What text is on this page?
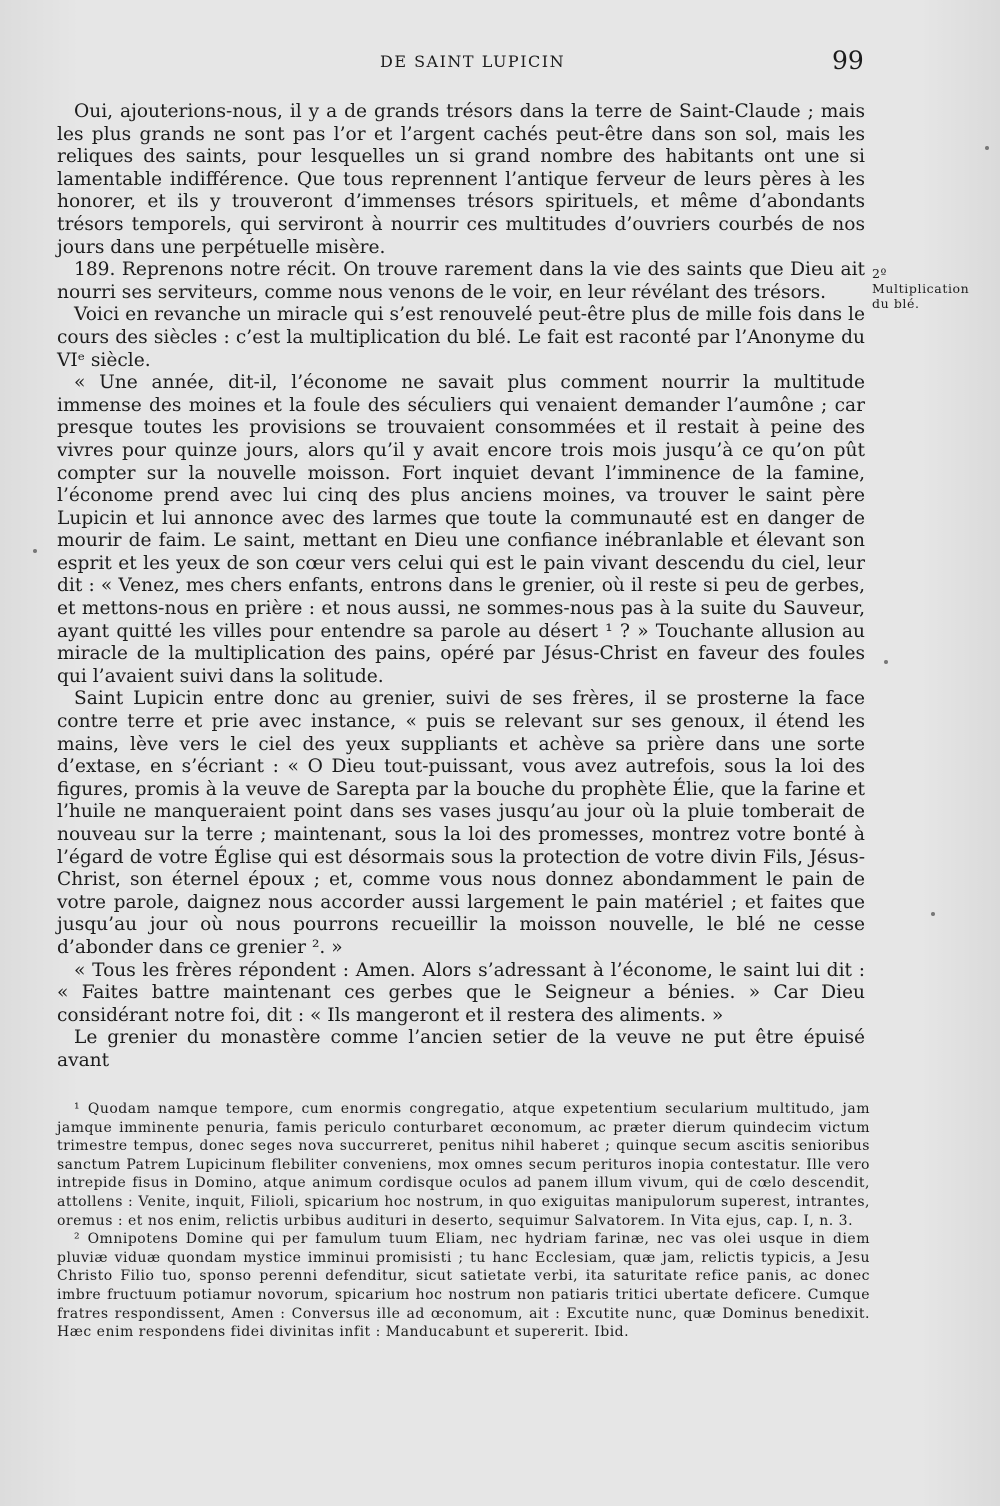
DE SAINT LUPICIN	99

Oui, ajouterions-nous, il y a de grands trésors dans la terre de Saint-Claude ; mais les plus grands ne sont pas l’or et l’argent cachés peut-être dans son sol, mais les reliques des saints, pour lesquelles un si grand nombre des habitants ont une si lamentable indifférence. Que tous reprennent l’antique ferveur de leurs pères à les honorer, et ils y trouveront d’immenses trésors spirituels, et même d’abondants trésors temporels, qui serviront à nourrir ces multitudes d’ouvriers courbés de nos jours dans une perpétuelle misère.

189. Reprenons notre récit. On trouve rarement dans la vie des saints que Dieu ait nourri ses serviteurs, comme nous venons de le voir, en leur révélant des trésors.

Voici en revanche un miracle qui s’est renouvelé peut-être plus de mille fois dans le cours des siècles : c’est la multiplication du blé. Le fait est raconté par l’Anonyme du VIᵉ siècle.

« Une année, dit-il, l’économe ne savait plus comment nourrir la multitude immense des moines et la foule des séculiers qui venaient demander l’aumône ; car presque toutes les provisions se trouvaient consommées et il restait à peine des vivres pour quinze jours, alors qu’il y avait encore trois mois jusqu’à ce qu’on pût compter sur la nouvelle moisson. Fort inquiet devant l’imminence de la famine, l’économe prend avec lui cinq des plus anciens moines, va trouver le saint père Lupicin et lui annonce avec des larmes que toute la communauté est en danger de mourir de faim. Le saint, mettant en Dieu une confiance inébranlable et élevant son esprit et les yeux de son cœur vers celui qui est le pain vivant descendu du ciel, leur dit : « Venez, mes chers enfants, entrons dans le grenier, où il reste si peu de gerbes, et mettons-nous en prière : et nous aussi, ne sommes-nous pas à la suite du Sauveur, ayant quitté les villes pour entendre sa parole au désert ¹ ? » Touchante allusion au miracle de la multiplication des pains, opéré par Jésus-Christ en faveur des foules qui l’avaient suivi dans la solitude.

Saint Lupicin entre donc au grenier, suivi de ses frères, il se prosterne la face contre terre et prie avec instance, « puis se relevant sur ses genoux, il étend les mains, lève vers le ciel des yeux suppliants et achève sa prière dans une sorte d’extase, en s’écriant : « O Dieu tout-puissant, vous avez autrefois, sous la loi des figures, promis à la veuve de Sarepta par la bouche du prophète Élie, que la farine et l’huile ne manqueraient point dans ses vases jusqu’au jour où la pluie tomberait de nouveau sur la terre ; maintenant, sous la loi des promesses, montrez votre bonté à l’égard de votre Église qui est désormais sous la protection de votre divin Fils, Jésus-Christ, son éternel époux ; et, comme vous nous donnez abondamment le pain de votre parole, daignez nous accorder aussi largement le pain matériel ; et faites que jusqu’au jour où nous pourrons recueillir la moisson nouvelle, le blé ne cesse d’abonder dans ce grenier ². »

« Tous les frères répondent : Amen. Alors s’adressant à l’économe, le saint lui dit : « Faites battre maintenant ces gerbes que le Seigneur a bénies. » Car Dieu considérant notre foi, dit : « Ils mangeront et il restera des aliments. »

Le grenier du monastère comme l’ancien setier de la veuve ne put être épuisé avant

2º Multiplication du blé.

¹ Quodam namque tempore, cum enormis congregatio, atque expetentium secularium multitudo, jam jamque imminente penuria, famis periculo conturbaret œconomum, ac præter dierum quindecim victum trimestre tempus, donec seges nova succurreret, penitus nihil haberet ; quinque secum ascitis senioribus sanctum Patrem Lupicinum flebiliter conveniens, mox omnes secum perituros inopia contestatur. Ille vero intrepide fisus in Domino, atque animum cordisque oculos ad panem illum vivum, qui de cœlo descendit, attollens : Venite, inquit, Filioli, spicarium hoc nostrum, in quo exiguitas manipulorum superest, intrantes, oremus : et nos enim, relictis urbibus audituri in deserto, sequimur Salvatorem. In Vita ejus, cap. I, n. 3.

² Omnipotens Domine qui per famulum tuum Eliam, nec hydriam farinæ, nec vas olei usque in diem pluviæ viduæ quondam mystice imminui promisisti ; tu hanc Ecclesiam, quæ jam, relictis typicis, a Jesu Christo Filio tuo, sponso perenni defenditur, sicut satietate verbi, ita saturitate refice panis, ac donec imbre fructuum potiamur novorum, spicarium hoc nostrum non patiaris tritici ubertate deficere. Cumque fratres respondissent, Amen : Conversus ille ad œconomum, ait : Excutite nunc, quæ Dominus benedixit. Hæc enim respondens fidei divinitas infit : Manducabunt et supererit. Ibid.
